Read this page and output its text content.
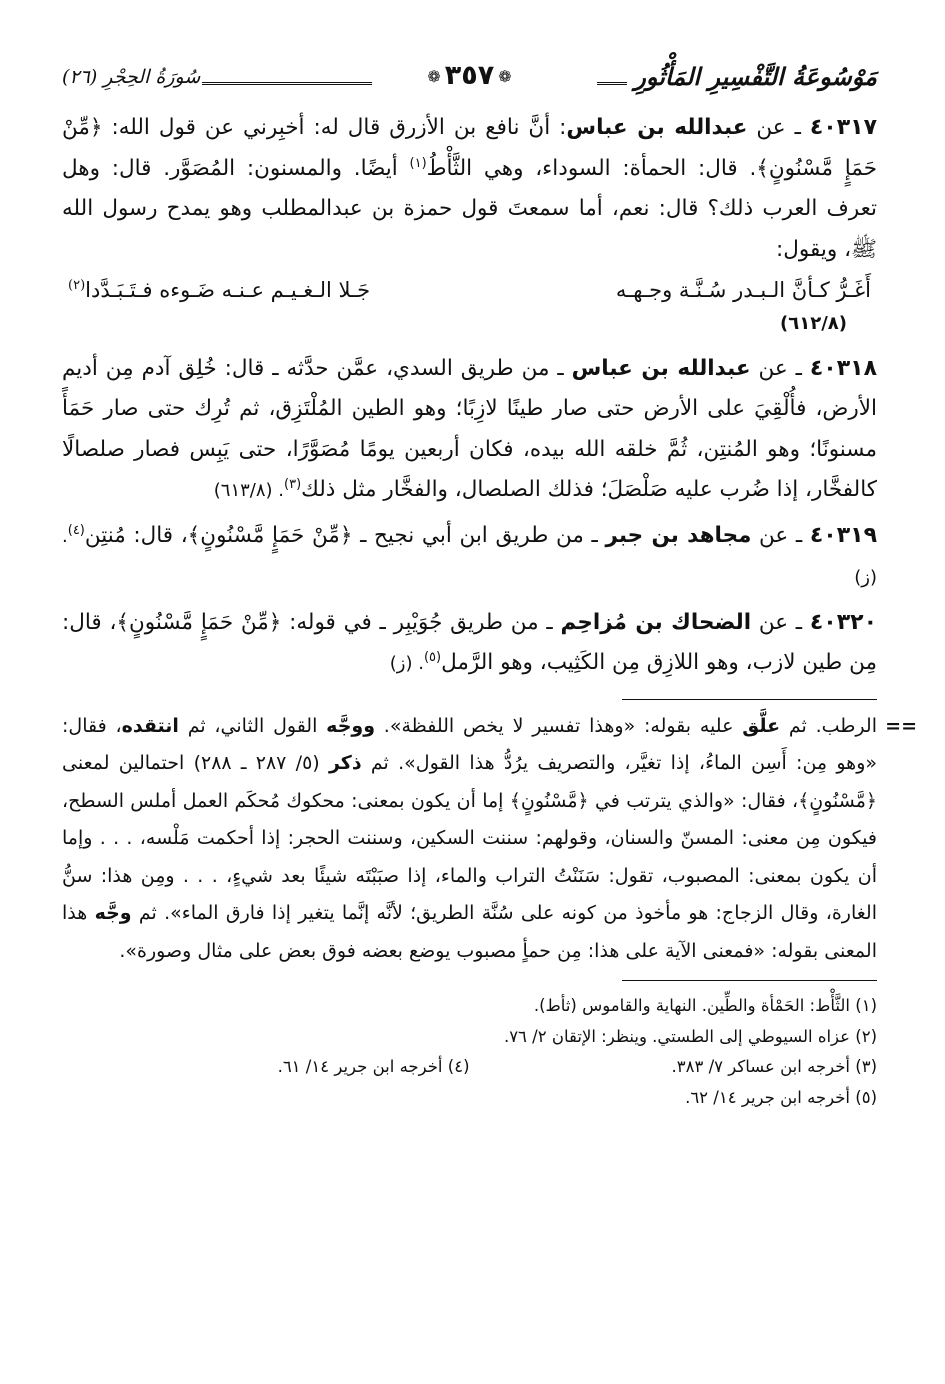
مَوْسُوعَةُ التَّفْسِيرِ المَأْثُورِ
❁٣٥٧❁
سُورَةُ الحِجْرِ (٢٦)
٤٠٣١٧ ـ عن عبدالله بن عباس: أنَّ نافع بن الأزرق قال له: أخبِرني عن قول الله: ﴿مِّنْ حَمَإٍ مَّسْنُونٍ﴾. قال: الحمأة: السوداء، وهي الثَّأْطُ$^{(١)}$ أيضًا. والمسنون: المُصَوَّر. قال: وهل تعرف العرب ذلك؟ قال: نعم، أما سمعتَ قول حمزة بن عبدالمطلب وهو يمدح رسول الله ﷺ، ويقول:
أَغَـرُّ كـأنَّ الـبـدر سُـنَّـة وجـهـه
جَـلا الـغـيـم عـنـه ضَـوءه فـتَـبَـدَّدا$^{(٢)}$
(٦١٢/٨)
٤٠٣١٨ ـ عن عبدالله بن عباس ـ من طريق السدي، عمَّن حدَّثه ـ قال: خُلِق آدم مِن أديم الأرض، فأُلْقِيَ على الأرض حتى صار طينًا لازِبًا؛ وهو الطين المُلْتَزِق، ثم تُرِك حتى صار حَمَأً مسنونًا؛ وهو المُنتِن، ثُمَّ خلقه الله بيده، فكان أربعين يومًا مُصَوَّرًا، حتى يَبِس فصار صلصالًا كالفخَّار، إذا ضُرب عليه صَلْصَلَ؛ فذلك الصلصال، والفخَّار مثل ذلك$^{(٣)}$. (٦١٣/٨)
٤٠٣١٩ ـ عن مجاهد بن جبر ـ من طريق ابن أبي نجيح ـ ﴿مِّنْ حَمَإٍ مَّسْنُونٍ﴾، قال: مُنتِن$^{(٤)}$. (ز)
٤٠٣٢٠ ـ عن الضحاك بن مُزاحِم ـ من طريق جُوَيْبِر ـ في قوله: ﴿مِّنْ حَمَإٍ مَّسْنُونٍ﴾، قال: مِن طين لازب، وهو اللازِق مِن الكَثِيب، وهو الرَّمل$^{(٥)}$. (ز)
==
الرطب. ثم علَّق عليه بقوله: «وهذا تفسير لا يخص اللفظة». ووجَّه القول الثاني، ثم انتقده، فقال: «وهو مِن: أَسِن الماءُ، إذا تغيَّر، والتصريف يرُدُّ هذا القول». ثم ذكر (٥/ ٢٨٧ ـ ٢٨٨) احتمالين لمعنى ﴿مَّسْنُونٍ﴾، فقال: «والذي يترتب في ﴿مَّسْنُونٍ﴾ إما أن يكون بمعنى: محكوك مُحكَم العمل أملس السطح، فيكون مِن معنى: المسنّ والسنان، وقولهم: سننت السكين، وسننت الحجر: إذا أحكمت مَلْسه، . . . وإما أن يكون بمعنى: المصبوب، تقول: سَنَنْتُ التراب والماء، إذا صبَبْتَه شيئًا بعد شيءٍ، . . . ومِن هذا: سنُّ الغارة، وقال الزجاج: هو مأخوذ من كونه على سُنَّة الطريق؛ لأنَّه إنَّما يتغير إذا فارق الماء». ثم وجَّه هذا المعنى بقوله: «فمعنى الآية على هذا: مِن حمأٍ مصبوب يوضع بعضه فوق بعض على مثال وصورة».
(١) الثَّأْط: الحَمْأة والطِّين. النهاية والقاموس (ثأط).
(٢) عزاه السيوطي إلى الطستي. وينظر: الإتقان ٢/ ٧٦.
(٣) أخرجه ابن عساكر ٧/ ٣٨٣.
(٤) أخرجه ابن جرير ١٤/ ٦١.
(٥) أخرجه ابن جرير ١٤/ ٦٢.
